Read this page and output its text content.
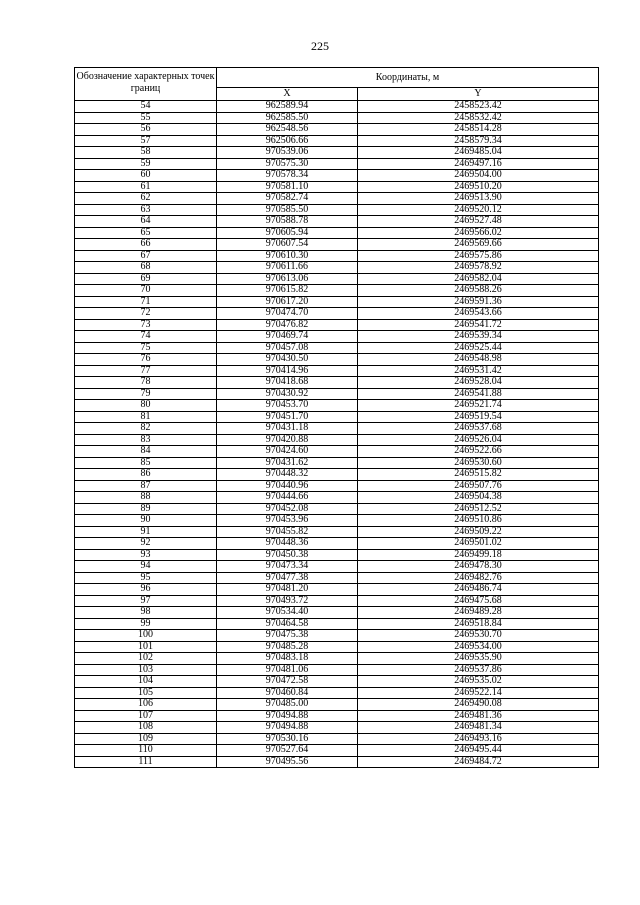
225
Обозначение характерных точек границ	Координаты, м	
	X	Y
54	962589.94	2458523.42
55	962585.50	2458532.42
56	962548.56	2458514.28
57	962506.66	2458579.34
58	970539.06	2469485.04
59	970575.30	2469497.16
60	970578.34	2469504.00
61	970581.10	2469510.20
62	970582.74	2469513.90
63	970585.50	2469520.12
64	970588.78	2469527.48
65	970605.94	2469566.02
66	970607.54	2469569.66
67	970610.30	2469575.86
68	970611.66	2469578.92
69	970613.06	2469582.04
70	970615.82	2469588.26
71	970617.20	2469591.36
72	970474.70	2469543.66
73	970476.82	2469541.72
74	970469.74	2469539.34
75	970457.08	2469525.44
76	970430.50	2469548.98
77	970414.96	2469531.42
78	970418.68	2469528.04
79	970430.92	2469541.88
80	970453.70	2469521.74
81	970451.70	2469519.54
82	970431.18	2469537.68
83	970420.88	2469526.04
84	970424.60	2469522.66
85	970431.62	2469530.60
86	970448.32	2469515.82
87	970440.96	2469507.76
88	970444.66	2469504.38
89	970452.08	2469512.52
90	970453.96	2469510.86
91	970455.82	2469509.22
92	970448.36	2469501.02
93	970450.38	2469499.18
94	970473.34	2469478.30
95	970477.38	2469482.76
96	970481.20	2469486.74
97	970493.72	2469475.68
98	970534.40	2469489.28
99	970464.58	2469518.84
100	970475.38	2469530.70
101	970485.28	2469534.00
102	970483.18	2469535.90
103	970481.06	2469537.86
104	970472.58	2469535.02
105	970460.84	2469522.14
106	970485.00	2469490.08
107	970494.88	2469481.36
108	970494.88	2469481.34
109	970530.16	2469493.16
110	970527.64	2469495.44
111	970495.56	2469484.72
